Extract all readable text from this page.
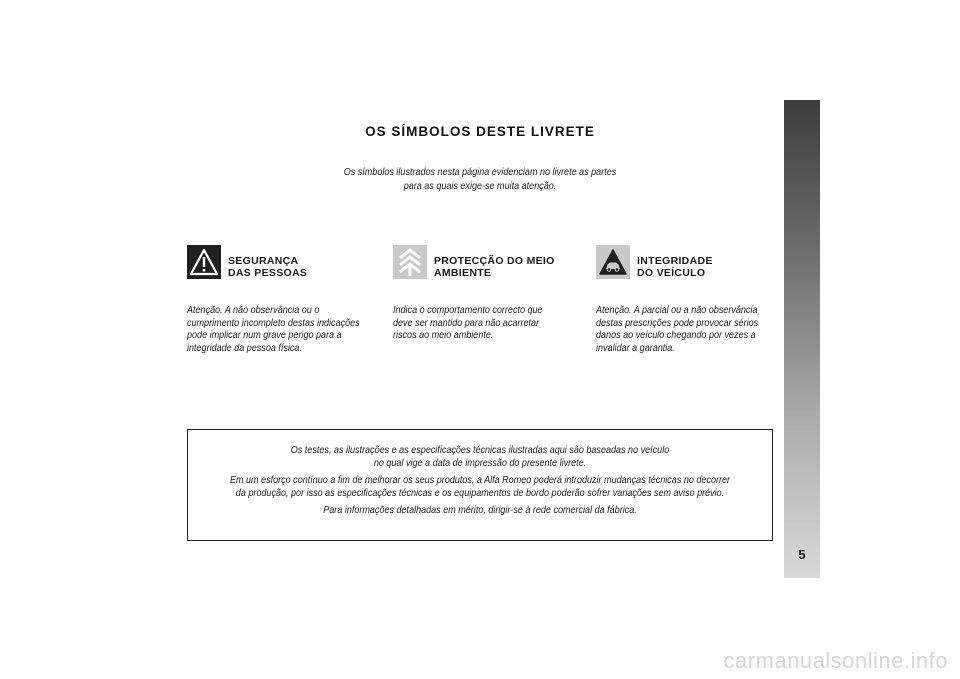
5
OS SÍMBOLOS DESTE LIVRETE
Os símbolos ilustrados nesta página evidenciam no livrete as partes
para as quais exige-se muita atenção.
SEGURANÇA
DAS PESSOAS
Atenção. A não observância ou o
cumprimento incompleto destas indicações
pode implicar num grave perigo para a
integridade da pessoa física.
PROTECÇÃO DO MEIO
AMBIENTE
Indica o comportamento correcto que
deve ser mantido para não acarretar
riscos ao meio ambiente.
INTEGRIDADE
DO VEÍCULO
Atenção. A parcial ou a não observância
destas prescrições pode provocar sérios
danos ao veículo chegando por vezes a
invalidar a garantia.

Os testes, as ilustrações e as especificações técnicas ilustradas aqui são baseadas no veículo
no qual vige a data de impressão do presente livrete.

Em um esforço contínuo a fim de melhorar os seus produtos, a Alfa Romeo poderá introduzir mudanças técnicas no decorrer
da produção, por isso as especificações técnicas e os equipamentos de bordo poderão sofrer variações sem aviso prévio.

Para informações detalhadas em mérito, dirigir-se à rede comercial da fábrica.

carmanualsonline.info
